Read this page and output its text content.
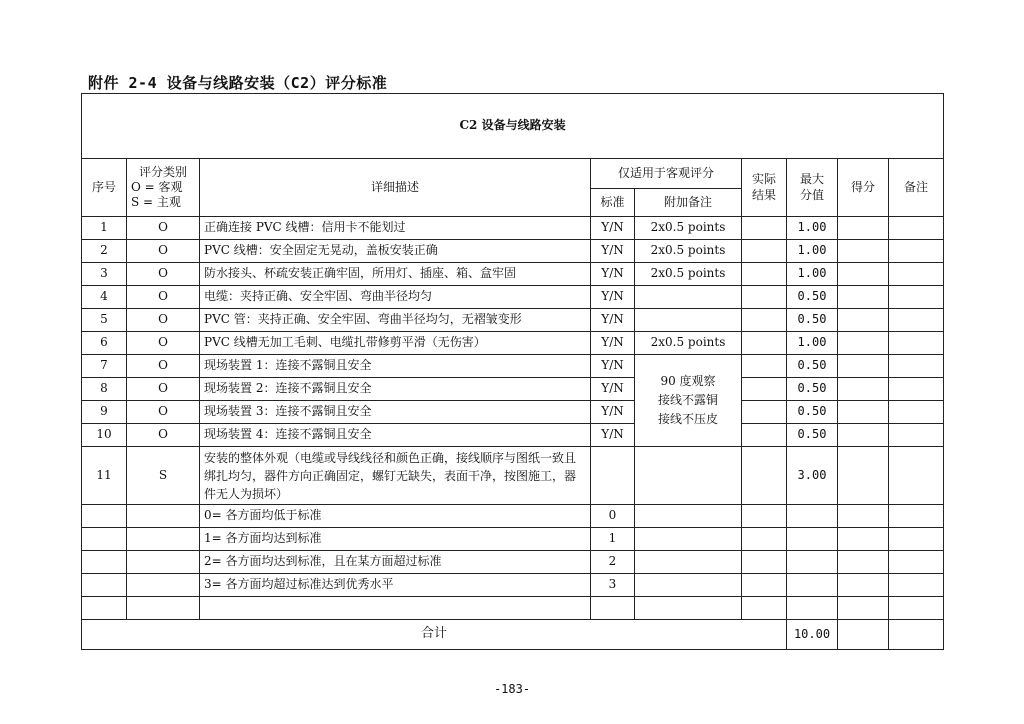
附件 2-4 设备与线路安装（C2）评分标准
C2 设备与线路安装								
序号	评分类别
O = 客观
S = 主观	详细描述	仅适用于客观评分		实际结果	最大分值	得分	备注
			标准	附加备注				
1	O	正确连接 PVC 线槽：信用卡不能划过	Y/N	2x0.5 points		1.00		
2	O	PVC 线槽：安全固定无晃动，盖板安装正确	Y/N	2x0.5 points		1.00		
3	O	防水接头、杯疏安装正确牢固，所用灯、插座、箱、盒牢固	Y/N	2x0.5 points		1.00		
4	O	电缆：夹持正确、安全牢固、弯曲半径均匀	Y/N			0.50		
5	O	PVC 管：夹持正确、安全牢固、弯曲半径均匀，无褶皱变形	Y/N			0.50		
6	O	PVC 线槽无加工毛刺、电缆扎带修剪平滑（无伤害）	Y/N	2x0.5 points		1.00		
7	O	现场装置 1：连接不露铜且安全	Y/N	90 度观察
接线不露铜
接线不压皮		0.50		
8	O	现场装置 2：连接不露铜且安全	Y/N			0.50		
9	O	现场装置 3：连接不露铜且安全	Y/N			0.50		
10	O	现场装置 4：连接不露铜且安全	Y/N			0.50		
11	S	安装的整体外观（电缆或导线线径和颜色正确，接线顺序与图纸一致且绑扎均匀，器件方向正确固定，螺钉无缺失，表面干净，按图施工，器件无人为损坏）				3.00		
		0= 各方面均低于标准	0					
		1= 各方面均达到标准	1					
		2= 各方面均达到标准，且在某方面超过标准	2					
		3= 各方面均超过标准达到优秀水平	3					

合计						10.00		
-183-
